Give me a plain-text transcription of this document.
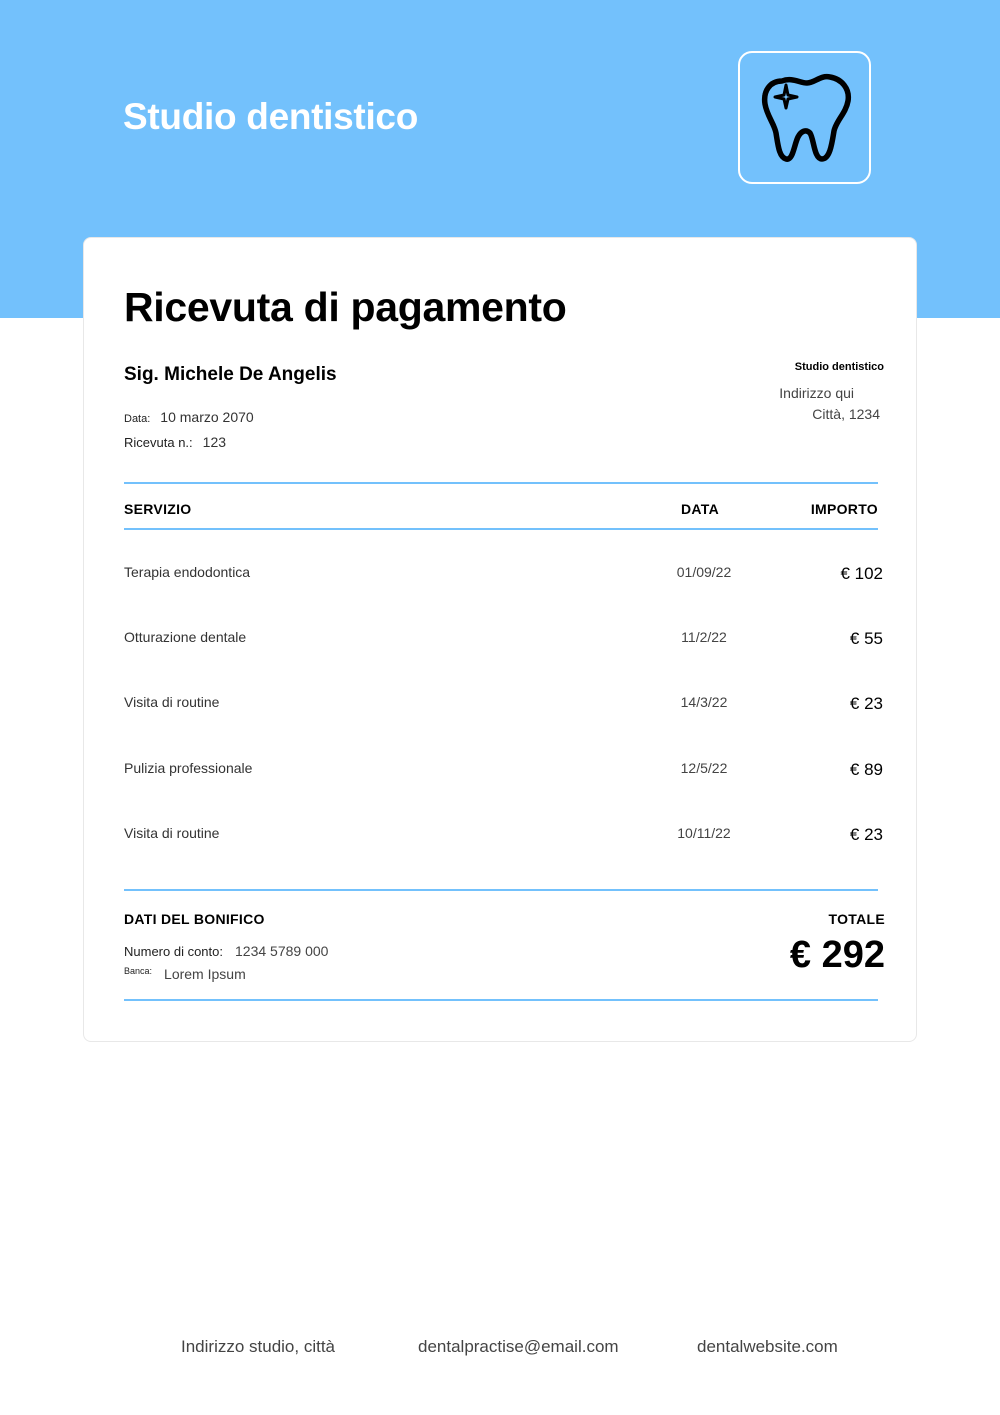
Studio dentistico
Ricevuta di pagamento
Sig. Michele De Angelis
Data: 10 marzo 2070
Ricevuta n.: 123
Studio dentistico
Indirizzo qui
Città, 1234
SERVIZIO	DATA	IMPORTO
Terapia endodontica	01/09/22	€ 102
Otturazione dentale	11/2/22	€ 55
Visita di routine	14/3/22	€ 23
Pulizia professionale	12/5/22	€ 89
Visita di routine	10/11/22	€ 23
DATI DEL BONIFICO
Numero di conto: 1234 5789 000
Banca: Lorem Ipsum
TOTALE
€ 292
Indirizzo studio, città	dentalpractise@email.com	dentalwebsite.com
